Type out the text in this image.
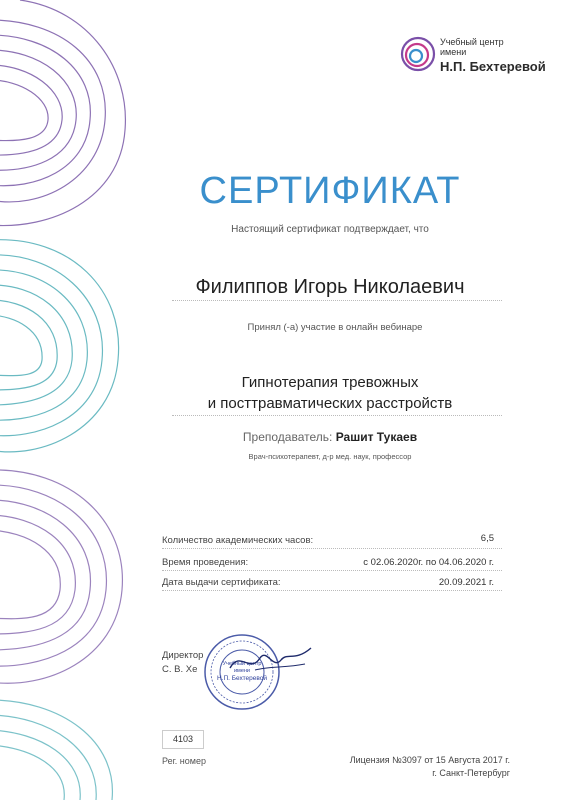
Учебный центр
имени
Н.П. Бехтеревой
СЕРТИФИКАТ
Настоящий сертификат подтверждает, что
Филиппов Игорь Николаевич
Принял (-а) участие в онлайн вебинаре
Гипнотерапия тревожных
и посттравматических расстройств
Преподаватель: Рашит Тукаев
Врач-психотерапевт, д-р мед. наук, профессор
Количество академических часов:	6,5
Время проведения:	с 02.06.2020г. по 04.06.2020 г.
Дата выдачи сертификата:	20.09.2021 г.
Директор
С. В. Хе	Учебный центр
имени
Н.П. Бехтеревой
4103
Рег. номер	Лицензия №3097 от 15 Августа 2017 г.
г. Санкт-Петербург
